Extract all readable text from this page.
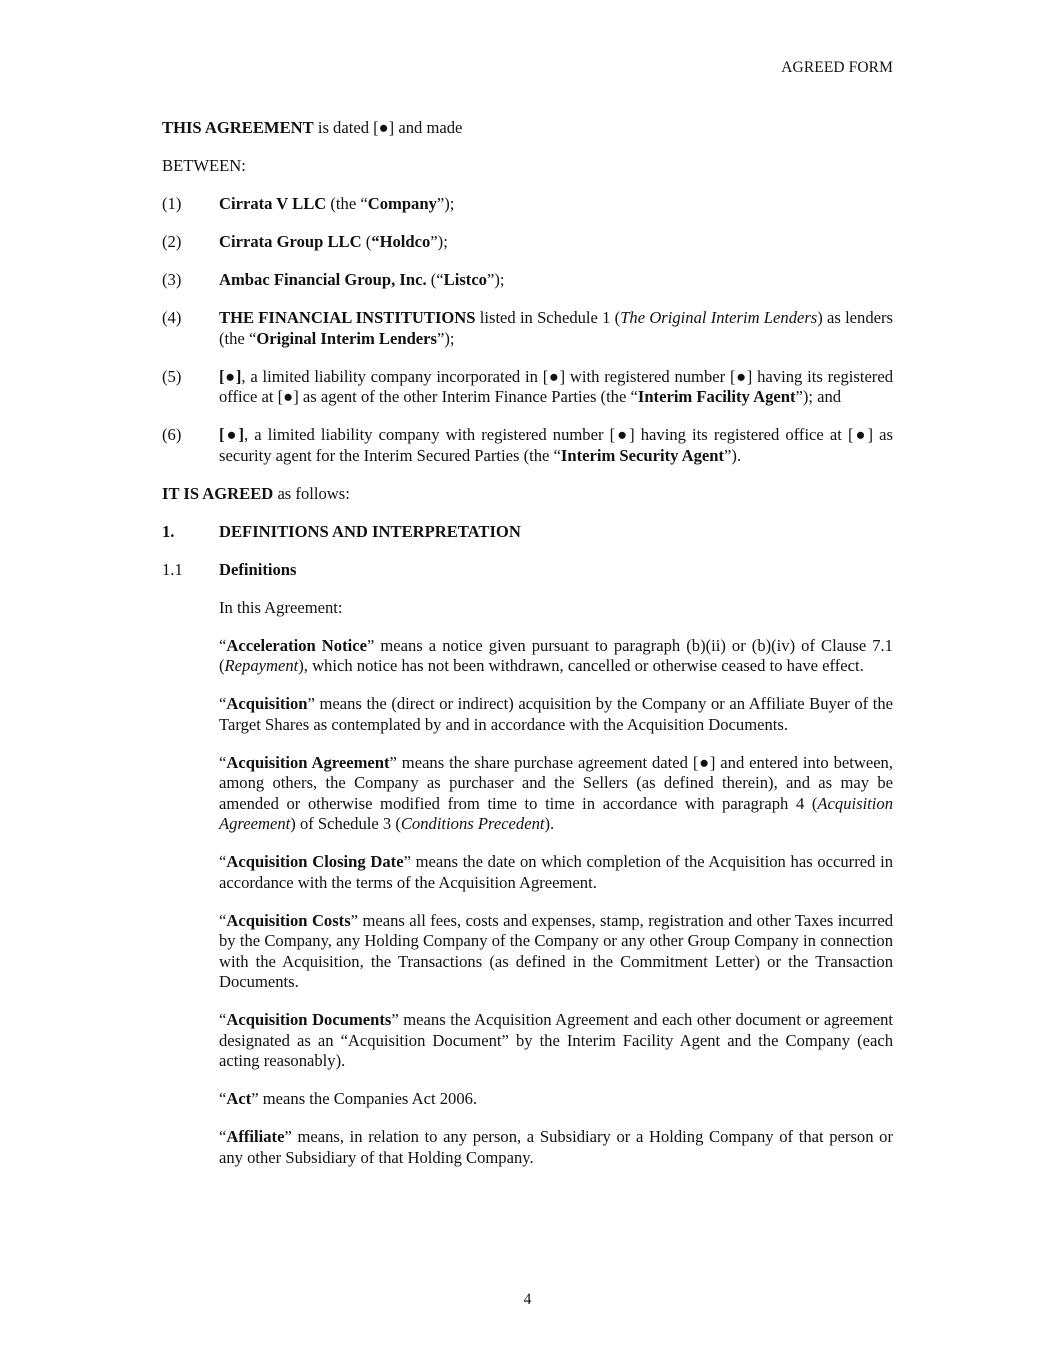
AGREED FORM

THIS AGREEMENT is dated [●] and made

BETWEEN:

(1)	Cirrata V LLC (the “Company”);
(2)	Cirrata Group LLC (“Holdco”);
(3)	Ambac Financial Group, Inc. (“Listco”);
(4)	THE FINANCIAL INSTITUTIONS listed in Schedule 1 (The Original Interim Lenders) as lenders (the “Original Interim Lenders”);
(5)	[●], a limited liability company incorporated in [●] with registered number [●] having its registered office at [●] as agent of the other Interim Finance Parties (the “Interim Facility Agent”); and
(6)	[●], a limited liability company with registered number [●] having its registered office at [●] as security agent for the Interim Secured Parties (the “Interim Security Agent”).

IT IS AGREED as follows:

1.	DEFINITIONS AND INTERPRETATION
1.1	Definitions

In this Agreement:

“Acceleration Notice” means a notice given pursuant to paragraph (b)(ii) or (b)(iv) of Clause 7.1 (Repayment), which notice has not been withdrawn, cancelled or otherwise ceased to have effect.

“Acquisition” means the (direct or indirect) acquisition by the Company or an Affiliate Buyer of the Target Shares as contemplated by and in accordance with the Acquisition Documents.

“Acquisition Agreement” means the share purchase agreement dated [●] and entered into between, among others, the Company as purchaser and the Sellers (as defined therein), and as may be amended or otherwise modified from time to time in accordance with paragraph 4 (Acquisition Agreement) of Schedule 3 (Conditions Precedent).

“Acquisition Closing Date” means the date on which completion of the Acquisition has occurred in accordance with the terms of the Acquisition Agreement.

“Acquisition Costs” means all fees, costs and expenses, stamp, registration and other Taxes incurred by the Company, any Holding Company of the Company or any other Group Company in connection with the Acquisition, the Transactions (as defined in the Commitment Letter) or the Transaction Documents.

“Acquisition Documents” means the Acquisition Agreement and each other document or agreement designated as an “Acquisition Document” by the Interim Facility Agent and the Company (each acting reasonably).

“Act” means the Companies Act 2006.

“Affiliate” means, in relation to any person, a Subsidiary or a Holding Company of that person or any other Subsidiary of that Holding Company.

4
